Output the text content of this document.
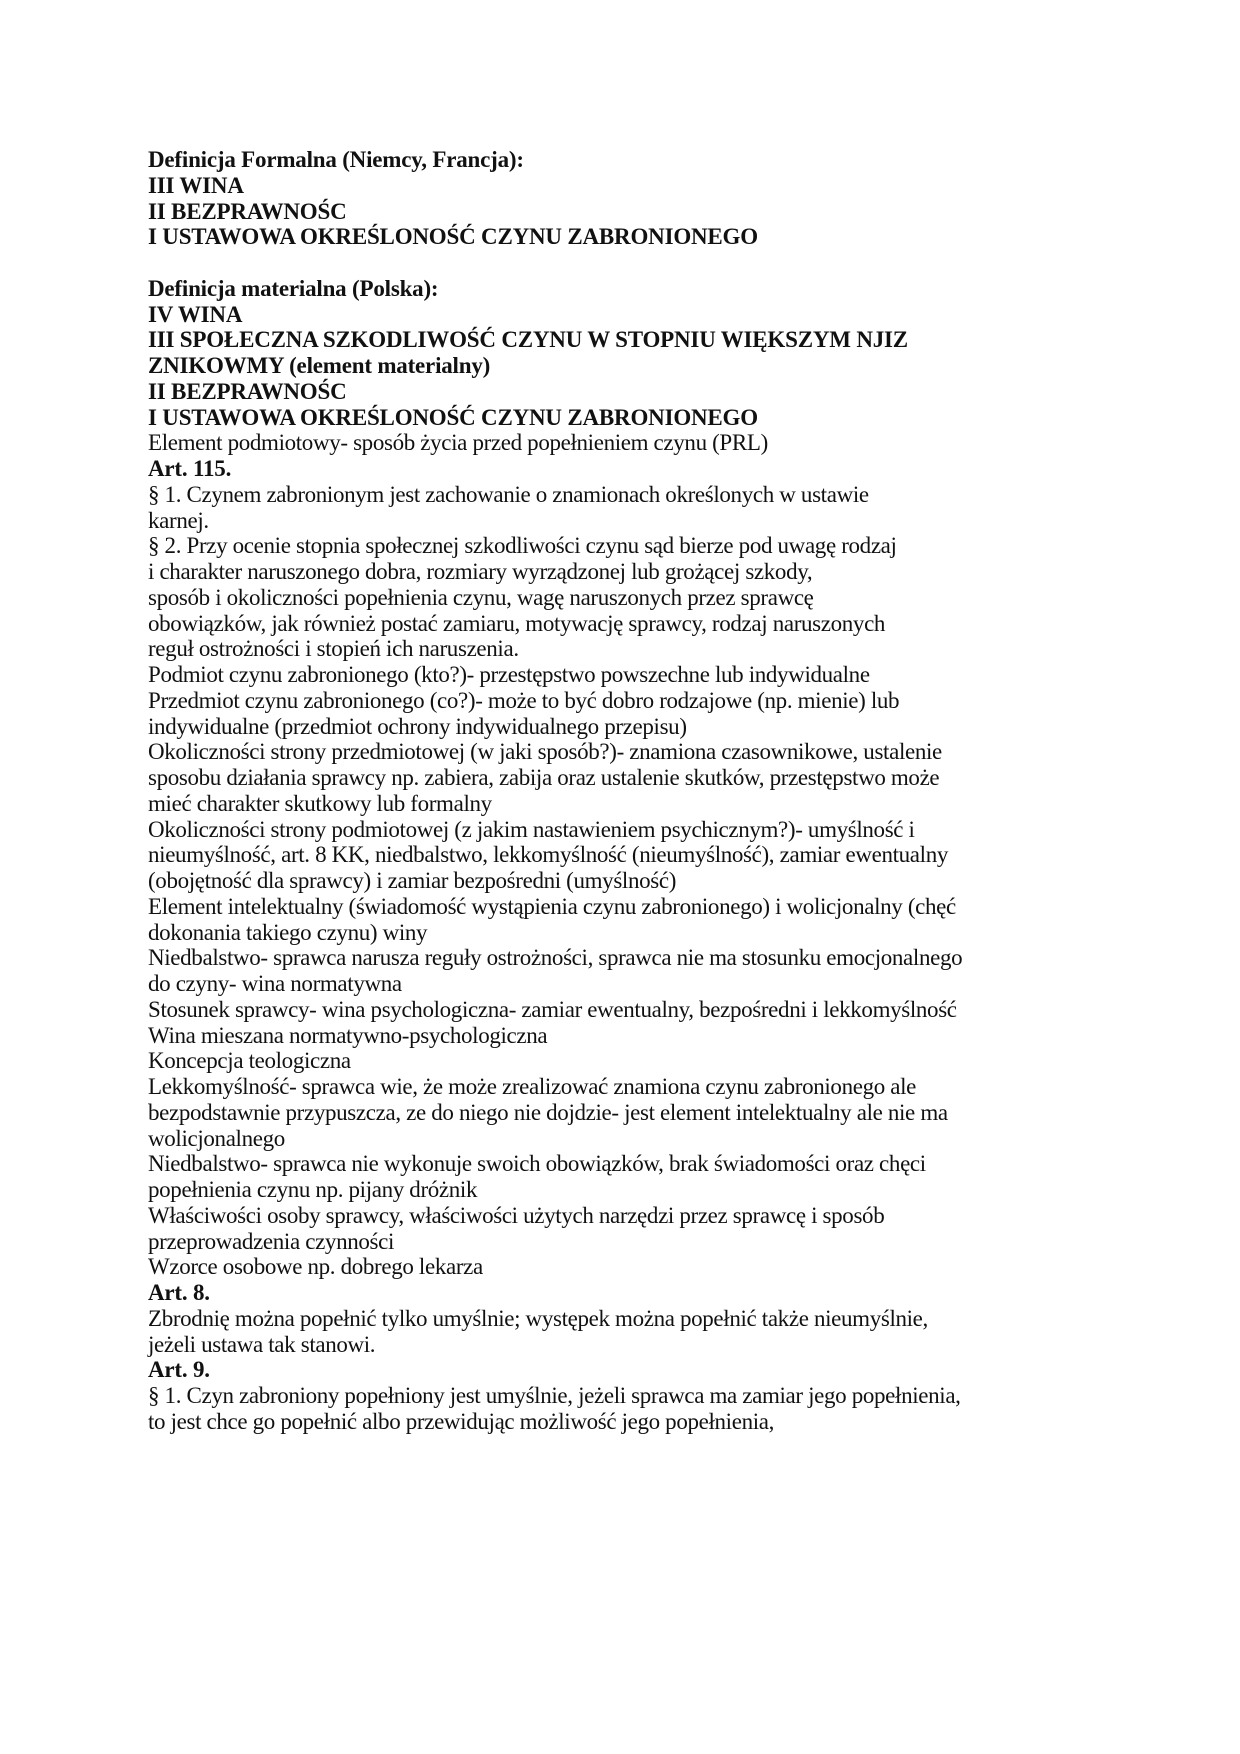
Definicja Formalna (Niemcy, Francja):
III WINA
II BEZPRAWNOŚC
I USTAWOWA OKREŚLONOŚĆ CZYNU ZABRONIONEGO
Definicja materialna (Polska):
IV WINA
III SPOŁECZNA SZKODLIWOŚĆ CZYNU W STOPNIU WIĘKSZYM NJIZ
ZNIKOWMY (element materialny)
II BEZPRAWNOŚC
I USTAWOWA OKREŚLONOŚĆ CZYNU ZABRONIONEGO
Element podmiotowy- sposób życia przed popełnieniem czynu (PRL)
Art. 115.
§ 1. Czynem zabronionym jest zachowanie o znamionach określonych w ustawie
karnej.
§ 2. Przy ocenie stopnia społecznej szkodliwości czynu sąd bierze pod uwagę rodzaj
i charakter naruszonego dobra, rozmiary wyrządzonej lub grożącej szkody,
sposób i okoliczności popełnienia czynu, wagę naruszonych przez sprawcę
obowiązków, jak również postać zamiaru, motywację sprawcy, rodzaj naruszonych
reguł ostrożności i stopień ich naruszenia.
Podmiot czynu zabronionego (kto?)- przestępstwo powszechne lub indywidualne
Przedmiot czynu zabronionego (co?)- może to być dobro rodzajowe (np. mienie) lub
indywidualne (przedmiot ochrony indywidualnego przepisu)
Okoliczności strony przedmiotowej (w jaki sposób?)- znamiona czasownikowe, ustalenie
sposobu działania sprawcy np. zabiera, zabija oraz ustalenie skutków, przestępstwo może
mieć charakter skutkowy lub formalny
Okoliczności strony podmiotowej (z jakim nastawieniem psychicznym?)- umyślność i
nieumyślność, art. 8 KK, niedbalstwo, lekkomyślność (nieumyślność), zamiar ewentualny
(obojętność dla sprawcy) i zamiar bezpośredni (umyślność)
Element intelektualny (świadomość wystąpienia czynu zabronionego) i wolicjonalny (chęć
dokonania takiego czynu) winy
Niedbalstwo- sprawca narusza reguły ostrożności, sprawca nie ma stosunku emocjonalnego
do czyny- wina normatywna
Stosunek sprawcy- wina psychologiczna- zamiar ewentualny, bezpośredni i lekkomyślność
Wina mieszana normatywno-psychologiczna
Koncepcja teologiczna
Lekkomyślność- sprawca wie, że może zrealizować znamiona czynu zabronionego ale
bezpodstawnie przypuszcza, ze do niego nie dojdzie- jest element intelektualny ale nie ma
wolicjonalnego
Niedbalstwo- sprawca nie wykonuje swoich obowiązków, brak świadomości oraz chęci
popełnienia czynu np. pijany dróżnik
Właściwości osoby sprawcy, właściwości użytych narzędzi przez sprawcę i sposób
przeprowadzenia czynności
Wzorce osobowe np. dobrego lekarza
Art. 8.
Zbrodnię można popełnić tylko umyślnie; występek można popełnić także nieumyślnie,
jeżeli ustawa tak stanowi.
Art. 9.
§ 1. Czyn zabroniony popełniony jest umyślnie, jeżeli sprawca ma zamiar jego popełnienia,
to jest chce go popełnić albo przewidując możliwość jego popełnienia,
